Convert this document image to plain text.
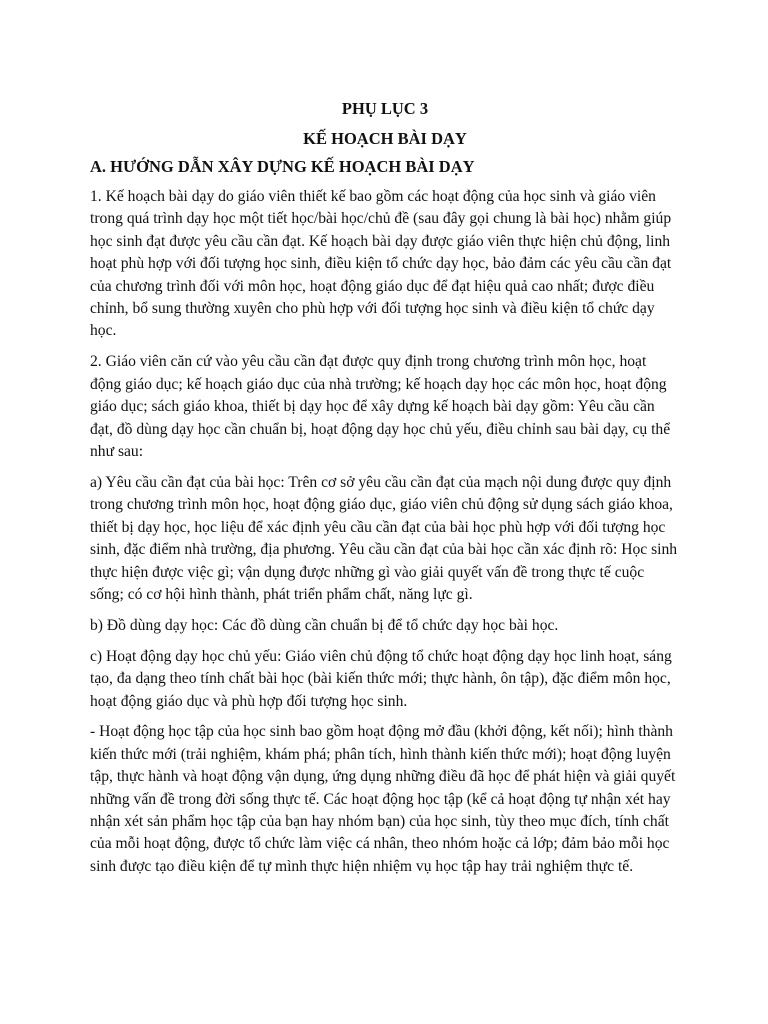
PHỤ LỤC 3
KẾ HOẠCH BÀI DẠY
A. HƯỚNG DẪN XÂY DỰNG KẾ HOẠCH BÀI DẠY

1. Kế hoạch bài dạy do giáo viên thiết kế bao gồm các hoạt động của học sinh và giáo viên trong quá trình dạy học một tiết học/bài học/chủ đề (sau đây gọi chung là bài học) nhằm giúp học sinh đạt được yêu cầu cần đạt. Kế hoạch bài dạy được giáo viên thực hiện chủ động, linh hoạt phù hợp với đối tượng học sinh, điều kiện tổ chức dạy học, bảo đảm các yêu cầu cần đạt của chương trình đối với môn học, hoạt động giáo dục để đạt hiệu quả cao nhất; được điều chỉnh, bổ sung thường xuyên cho phù hợp với đối tượng học sinh và điều kiện tổ chức dạy học.

2. Giáo viên căn cứ vào yêu cầu cần đạt được quy định trong chương trình môn học, hoạt động giáo dục; kế hoạch giáo dục của nhà trường; kế hoạch dạy học các môn học, hoạt động giáo dục; sách giáo khoa, thiết bị dạy học để xây dựng kế hoạch bài dạy gồm: Yêu cầu cần đạt, đồ dùng dạy học cần chuẩn bị, hoạt động dạy học chủ yếu, điều chỉnh sau bài dạy, cụ thể như sau:

a) Yêu cầu cần đạt của bài học: Trên cơ sở yêu cầu cần đạt của mạch nội dung được quy định trong chương trình môn học, hoạt động giáo dục, giáo viên chủ động sử dụng sách giáo khoa, thiết bị dạy học, học liệu để xác định yêu cầu cần đạt của bài học phù hợp với đối tượng học sinh, đặc điểm nhà trường, địa phương. Yêu cầu cần đạt của bài học cần xác định rõ: Học sinh thực hiện được việc gì; vận dụng được những gì vào giải quyết vấn đề trong thực tế cuộc sống; có cơ hội hình thành, phát triển phẩm chất, năng lực gì.

b) Đồ dùng dạy học: Các đồ dùng cần chuẩn bị để tổ chức dạy học bài học.

c) Hoạt động dạy học chủ yếu: Giáo viên chủ động tổ chức hoạt động dạy học linh hoạt, sáng tạo, đa dạng theo tính chất bài học (bài kiến thức mới; thực hành, ôn tập), đặc điểm môn học, hoạt động giáo dục và phù hợp đối tượng học sinh.

- Hoạt động học tập của học sinh bao gồm hoạt động mở đầu (khởi động, kết nối); hình thành kiến thức mới (trải nghiệm, khám phá; phân tích, hình thành kiến thức mới); hoạt động luyện tập, thực hành và hoạt động vận dụng, ứng dụng những điều đã học để phát hiện và giải quyết những vấn đề trong đời sống thực tế. Các hoạt động học tập (kể cả hoạt động tự nhận xét hay nhận xét sản phẩm học tập của bạn hay nhóm bạn) của học sinh, tùy theo mục đích, tính chất của mỗi hoạt động, được tổ chức làm việc cá nhân, theo nhóm hoặc cả lớp; đảm bảo mỗi học sinh được tạo điều kiện để tự mình thực hiện nhiệm vụ học tập hay trải nghiệm thực tế.
